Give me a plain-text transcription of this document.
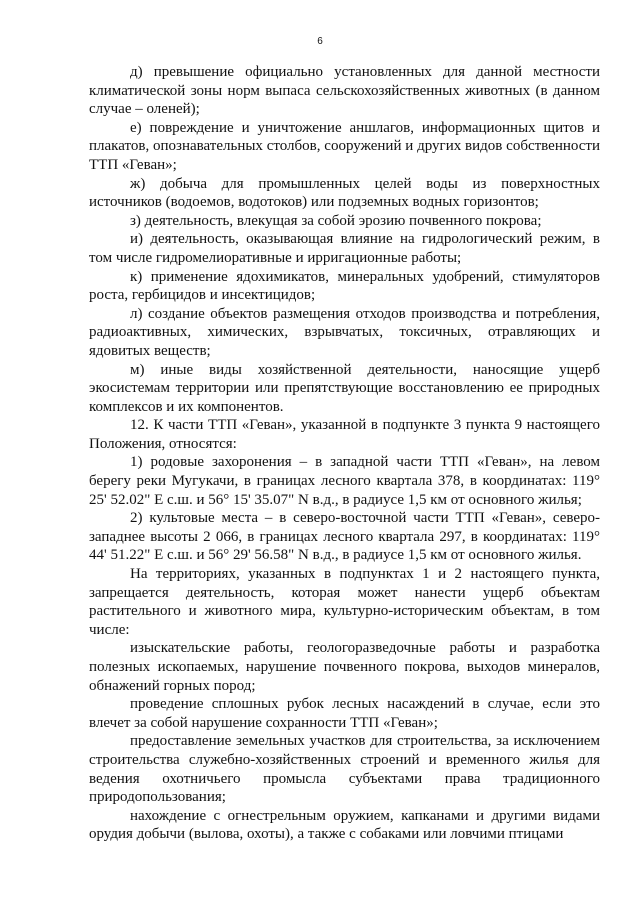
6

д) превышение официально установленных для данной местности климатической зоны норм выпаса сельскохозяйственных животных (в данном случае – оленей);

е) повреждение и уничтожение аншлагов, информационных щитов и плакатов, опознавательных столбов, сооружений и других видов собственности ТТП «Геван»;

ж) добыча для промышленных целей воды из поверхностных источников (водоемов, водотоков) или подземных водных горизонтов;

з) деятельность, влекущая за собой эрозию почвенного покрова;

и) деятельность, оказывающая влияние на гидрологический режим, в том числе гидромелиоративные и ирригационные работы;

к) применение ядохимикатов, минеральных удобрений, стимуляторов роста, гербицидов и инсектицидов;

л) создание объектов размещения отходов производства и потребления, радиоактивных, химических, взрывчатых, токсичных, отравляющих и ядовитых веществ;

м) иные виды хозяйственной деятельности, наносящие ущерб экосистемам территории или препятствующие восстановлению ее природных комплексов и их компонентов.

12. К части ТТП «Геван», указанной в подпункте 3 пункта 9 настоящего Положения, относятся:

1) родовые захоронения – в западной части ТТП «Геван», на левом берегу реки Мугукачи, в границах лесного квартала 378, в координатах: 119° 25' 52.02" Е с.ш. и 56° 15' 35.07" N в.д., в радиусе 1,5 км от основного жилья;

2) культовые места – в северо-восточной части ТТП «Геван», северо-западнее высоты 2 066, в границах лесного квартала 297, в координатах: 119° 44' 51.22" Е с.ш. и 56° 29' 56.58" N в.д., в радиусе 1,5 км от основного жилья.

На территориях, указанных в подпунктах 1 и 2 настоящего пункта, запрещается деятельность, которая может нанести ущерб объектам растительного и животного мира, культурно-историческим объектам, в том числе:

изыскательские работы, геологоразведочные работы и разработка полезных ископаемых, нарушение почвенного покрова, выходов минералов, обнажений горных пород;

проведение сплошных рубок лесных насаждений в случае, если это влечет за собой нарушение сохранности ТТП «Геван»;

предоставление земельных участков для строительства, за исключением строительства служебно-хозяйственных строений и временного жилья для ведения охотничьего промысла субъектами права традиционного природопользования;

нахождение с огнестрельным оружием, капканами и другими видами орудия добычи (вылова, охоты), а также с собаками или ловчими птицами
